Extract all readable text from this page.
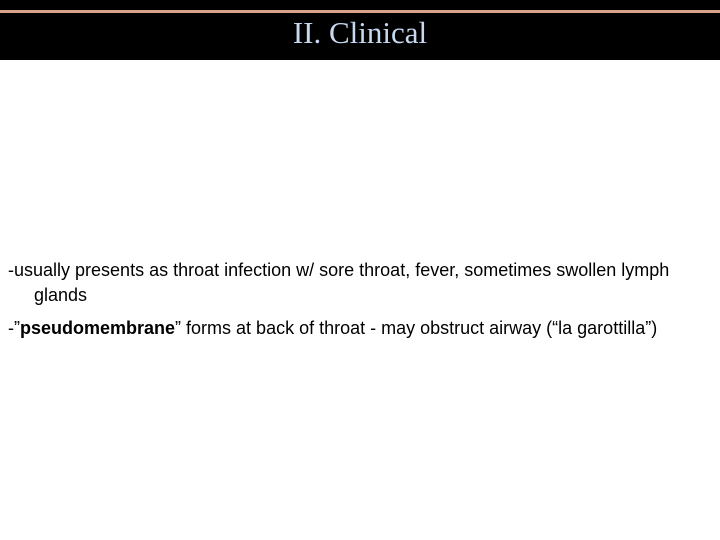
II. Clinical

-usually presents as throat infection w/ sore throat, fever, sometimes swollen lymph glands

-”pseudomembrane” forms at back of throat - may obstruct airway (“la garottilla”)
